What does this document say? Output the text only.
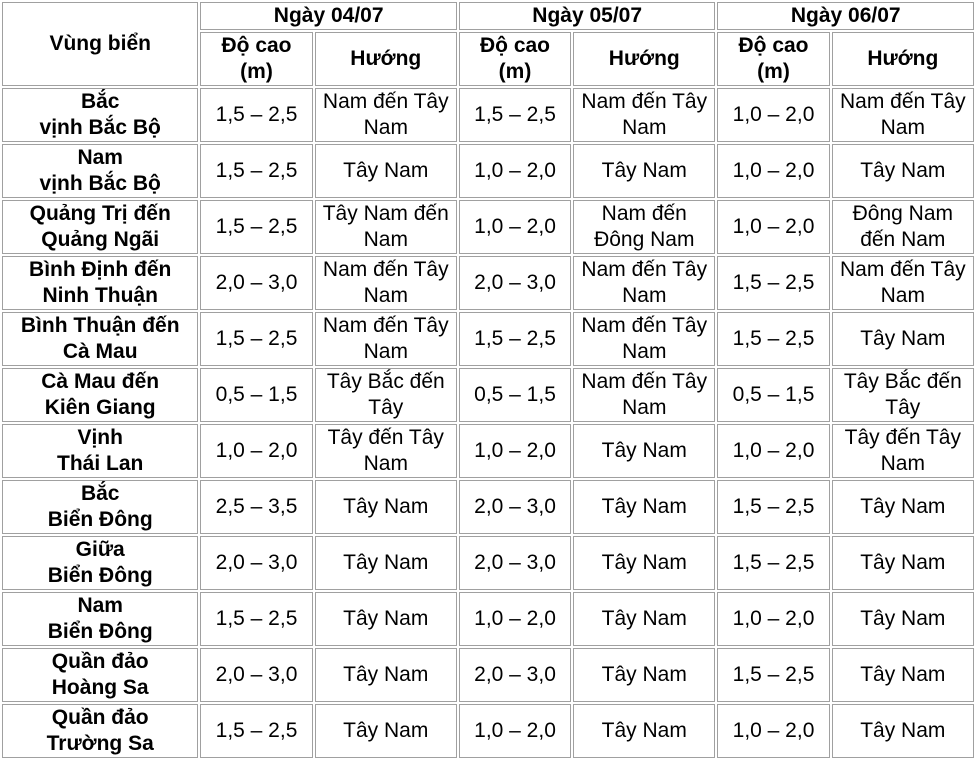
Vùng biển	Ngày 04/07		Ngày 05/07		Ngày 06/07	
	Độ cao
(m)	Hướng	Độ cao
(m)	Hướng	Độ cao
(m)	Hướng
Bắc
vịnh Bắc Bộ	1,5 – 2,5	Nam đến Tây Nam	1,5 – 2,5	Nam đến Tây Nam	1,0 – 2,0	Nam đến Tây Nam
Nam
vịnh Bắc Bộ	1,5 – 2,5	Tây Nam	1,0 – 2,0	Tây Nam	1,0 – 2,0	Tây Nam
Quảng Trị đến
Quảng Ngãi	1,5 – 2,5	Tây Nam đến Nam	1,0 – 2,0	Nam đến Đông Nam	1,0 – 2,0	Đông Nam đến Nam
Bình Định đến
Ninh Thuận	2,0 – 3,0	Nam đến Tây Nam	2,0 – 3,0	Nam đến Tây Nam	1,5 – 2,5	Nam đến Tây Nam
Bình Thuận đến
Cà Mau	1,5 – 2,5	Nam đến Tây Nam	1,5 – 2,5	Nam đến Tây Nam	1,5 – 2,5	Tây Nam
Cà Mau đến
Kiên Giang	0,5 – 1,5	Tây Bắc đến Tây	0,5 – 1,5	Nam đến Tây Nam	0,5 – 1,5	Tây Bắc đến Tây
Vịnh
Thái Lan	1,0 – 2,0	Tây đến Tây Nam	1,0 – 2,0	Tây Nam	1,0 – 2,0	Tây đến Tây Nam
Bắc
Biển Đông	2,5 – 3,5	Tây Nam	2,0 – 3,0	Tây Nam	1,5 – 2,5	Tây Nam
Giữa
Biển Đông	2,0 – 3,0	Tây Nam	2,0 – 3,0	Tây Nam	1,5 – 2,5	Tây Nam
Nam
Biển Đông	1,5 – 2,5	Tây Nam	1,0 – 2,0	Tây Nam	1,0 – 2,0	Tây Nam
Quần đảo
Hoàng Sa	2,0 – 3,0	Tây Nam	2,0 – 3,0	Tây Nam	1,5 – 2,5	Tây Nam
Quần đảo
Trường Sa	1,5 – 2,5	Tây Nam	1,0 – 2,0	Tây Nam	1,0 – 2,0	Tây Nam
